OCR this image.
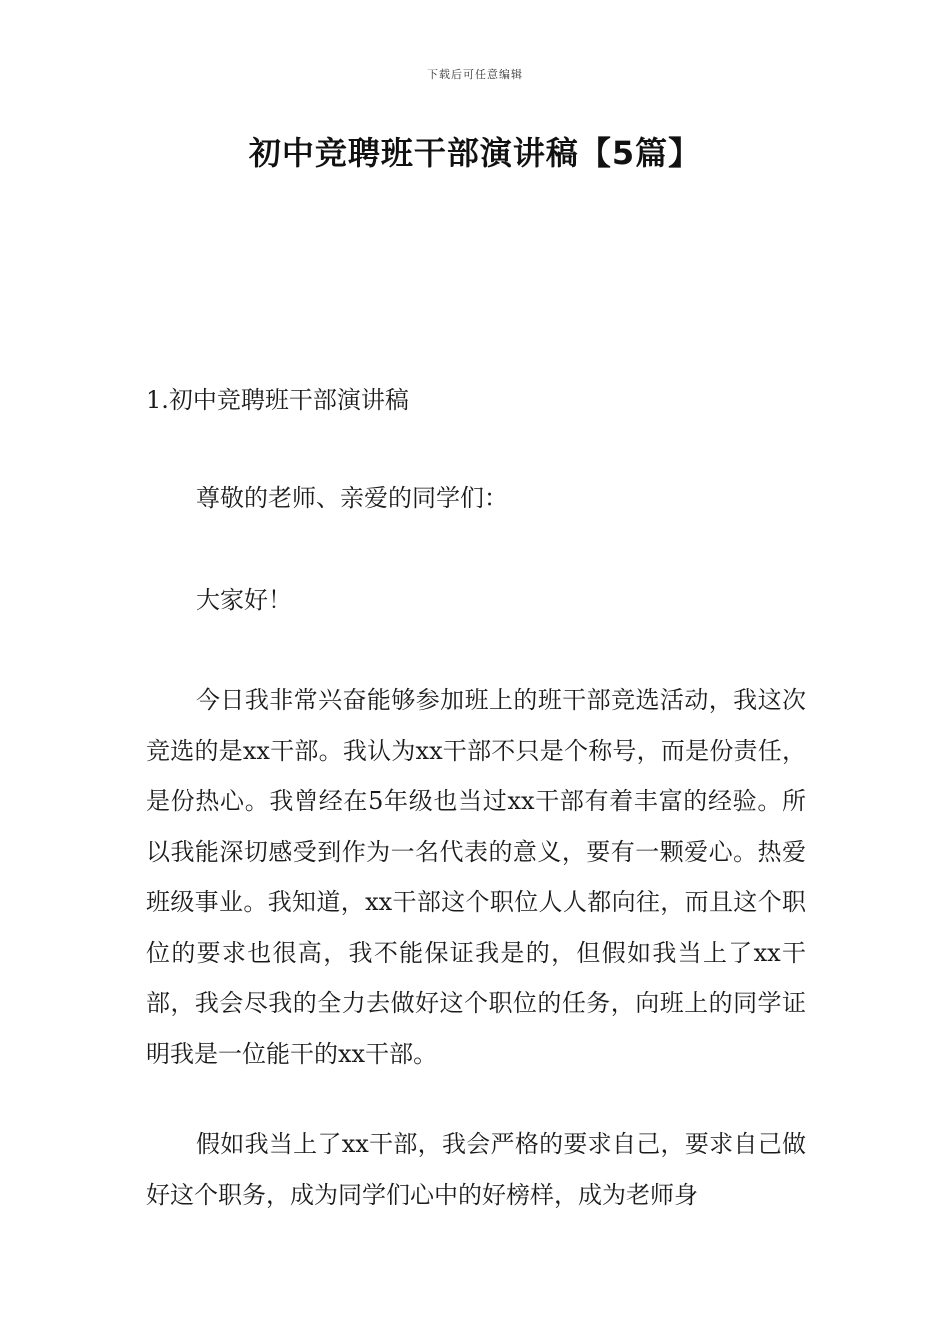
下载后可任意编辑
初中竞聘班干部演讲稿【5篇】
1.初中竞聘班干部演讲稿

尊敬的老师、亲爱的同学们：

大家好！

今日我非常兴奋能够参加班上的班干部竞选活动，我这次竞选的是xx干部。我认为xx干部不只是个称号，而是份责任，是份热心。我曾经在5年级也当过xx干部有着丰富的经验。所以我能深切感受到作为一名代表的意义，要有一颗爱心。热爱班级事业。我知道，xx干部这个职位人人都向往，而且这个职位的要求也很高，我不能保证我是的，但假如我当上了xx干部，我会尽我的全力去做好这个职位的任务，向班上的同学证明我是一位能干的xx干部。

假如我当上了xx干部，我会严格的要求自己，要求自己做好这个职务，成为同学们心中的好榜样，成为老师身
